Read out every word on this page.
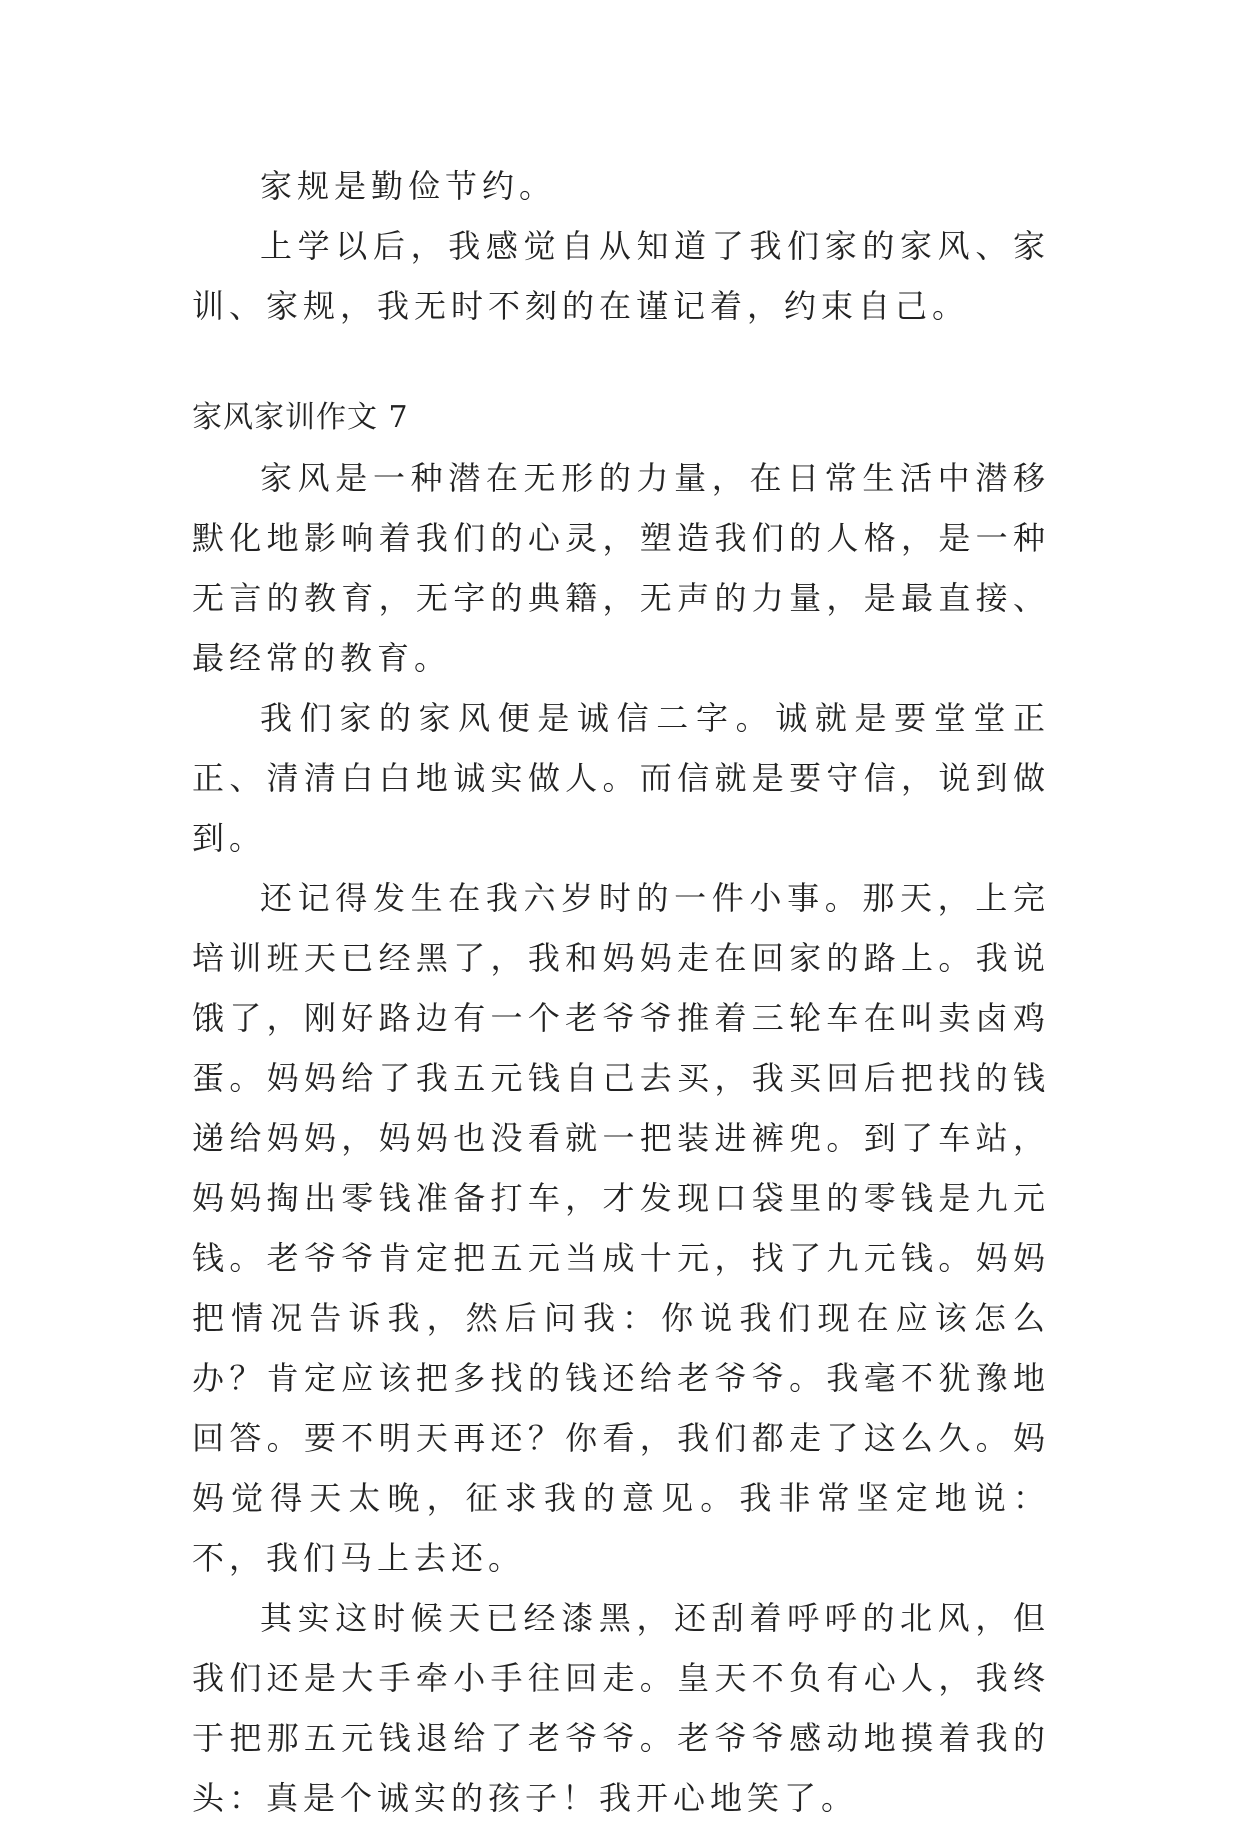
家规是勤俭节约。

上学以后，我感觉自从知道了我们家的家风、家训、家规，我无时不刻的在谨记着，约束自己。

家风家训作文 7

家风是一种潜在无形的力量，在日常生活中潜移默化地影响着我们的心灵，塑造我们的人格，是一种无言的教育，无字的典籍，无声的力量，是最直接、最经常的教育。

我们家的家风便是诚信二字。诚就是要堂堂正正、清清白白地诚实做人。而信就是要守信，说到做到。

还记得发生在我六岁时的一件小事。那天，上完培训班天已经黑了，我和妈妈走在回家的路上。我说饿了，刚好路边有一个老爷爷推着三轮车在叫卖卤鸡蛋。妈妈给了我五元钱自己去买，我买回后把找的钱递给妈妈，妈妈也没看就一把装进裤兜。到了车站，妈妈掏出零钱准备打车，才发现口袋里的零钱是九元钱。老爷爷肯定把五元当成十元，找了九元钱。妈妈把情况告诉我，然后问我：你说我们现在应该怎么办？肯定应该把多找的钱还给老爷爷。我毫不犹豫地回答。要不明天再还？你看，我们都走了这么久。妈妈觉得天太晚，征求我的意见。我非常坚定地说：不，我们马上去还。

其实这时候天已经漆黑，还刮着呼呼的北风，但我们还是大手牵小手往回走。皇天不负有心人，我终于把那五元钱退给了老爷爷。老爷爷感动地摸着我的头：真是个诚实的孩子！我开心地笑了。
